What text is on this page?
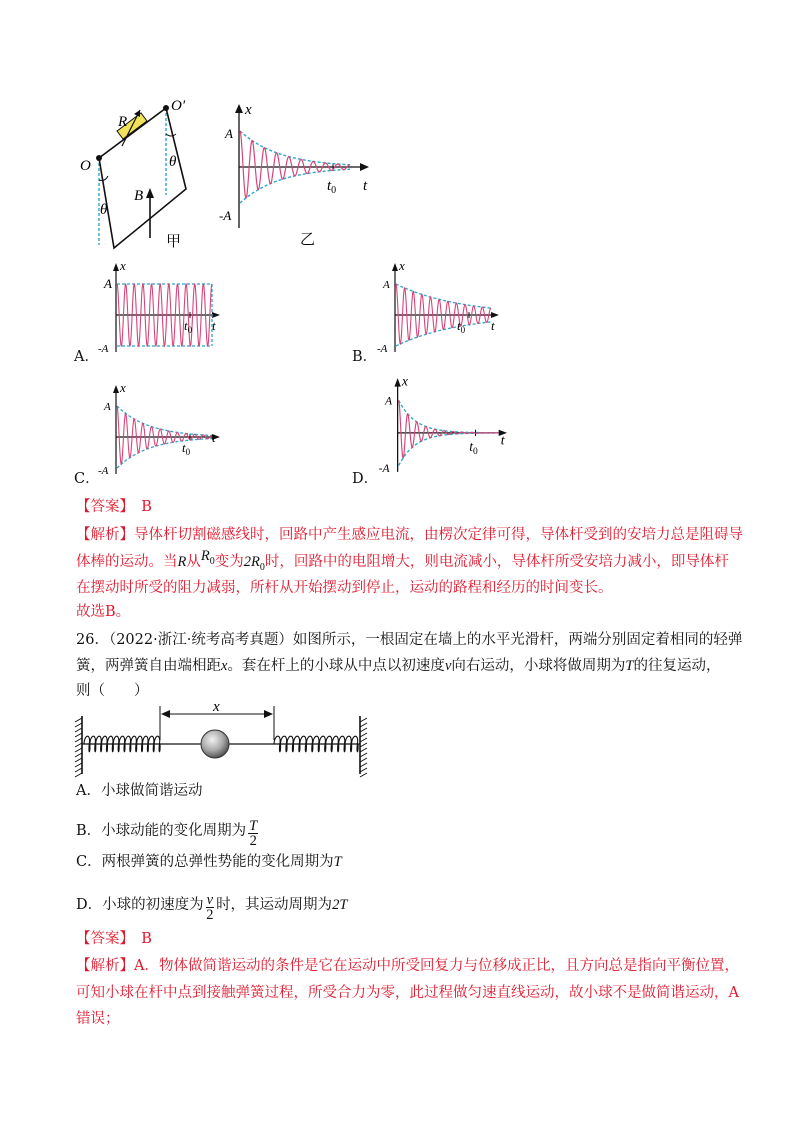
R
O
O′
θ
θ
B
甲
x
A
-A
$t_0$ t
乙
x
A
-A
$t_0$ t
A．
x
A
-A
$t_0$ t
B．
x
A
-A
$t_0$
t
C．
x
A
-A
$t_0$
t
D．
【答案】　 B
【解析】导体杆切割磁感线时，回路中产生感应电流，由楞次定律可得，导体杆受到的安培力总是阻碍导
体棒的运动。当R从$R_0$变为$2R_0$时，回路中的电阻增大，则电流减小，导体杆所受安培力减小，即导体杆
在摆动时所受的阻力减弱，所杆从开始摆动到停止，运动的路程和经历的时间变长。
故选B。
26．（2022·浙江·统考高考真题）如图所示，一根固定在墙上的水平光滑杆，两端分别固定着相同的轻弹
簧，两弹簧自由端相距x。套在杆上的小球从中点以初速度v向右运动，小球将做周期为T的往复运动，
则（　　）
x
A．小球做简谐运动
B．小球动能的变化周期为 $\frac{T}{2}$
C．两根弹簧的总弹性势能的变化周期为T
D．小球的初速度为 $\frac{v}{2}$ 时，其运动周期为 2T
【答案】　 B
【解析】A．物体做简谐运动的条件是它在运动中所受回复力与位移成正比，且方向总是指向平衡位置，
可知小球在杆中点到接触弹簧过程，所受合力为零，此过程做匀速直线运动，故小球不是做简谐运动，A
错误；
